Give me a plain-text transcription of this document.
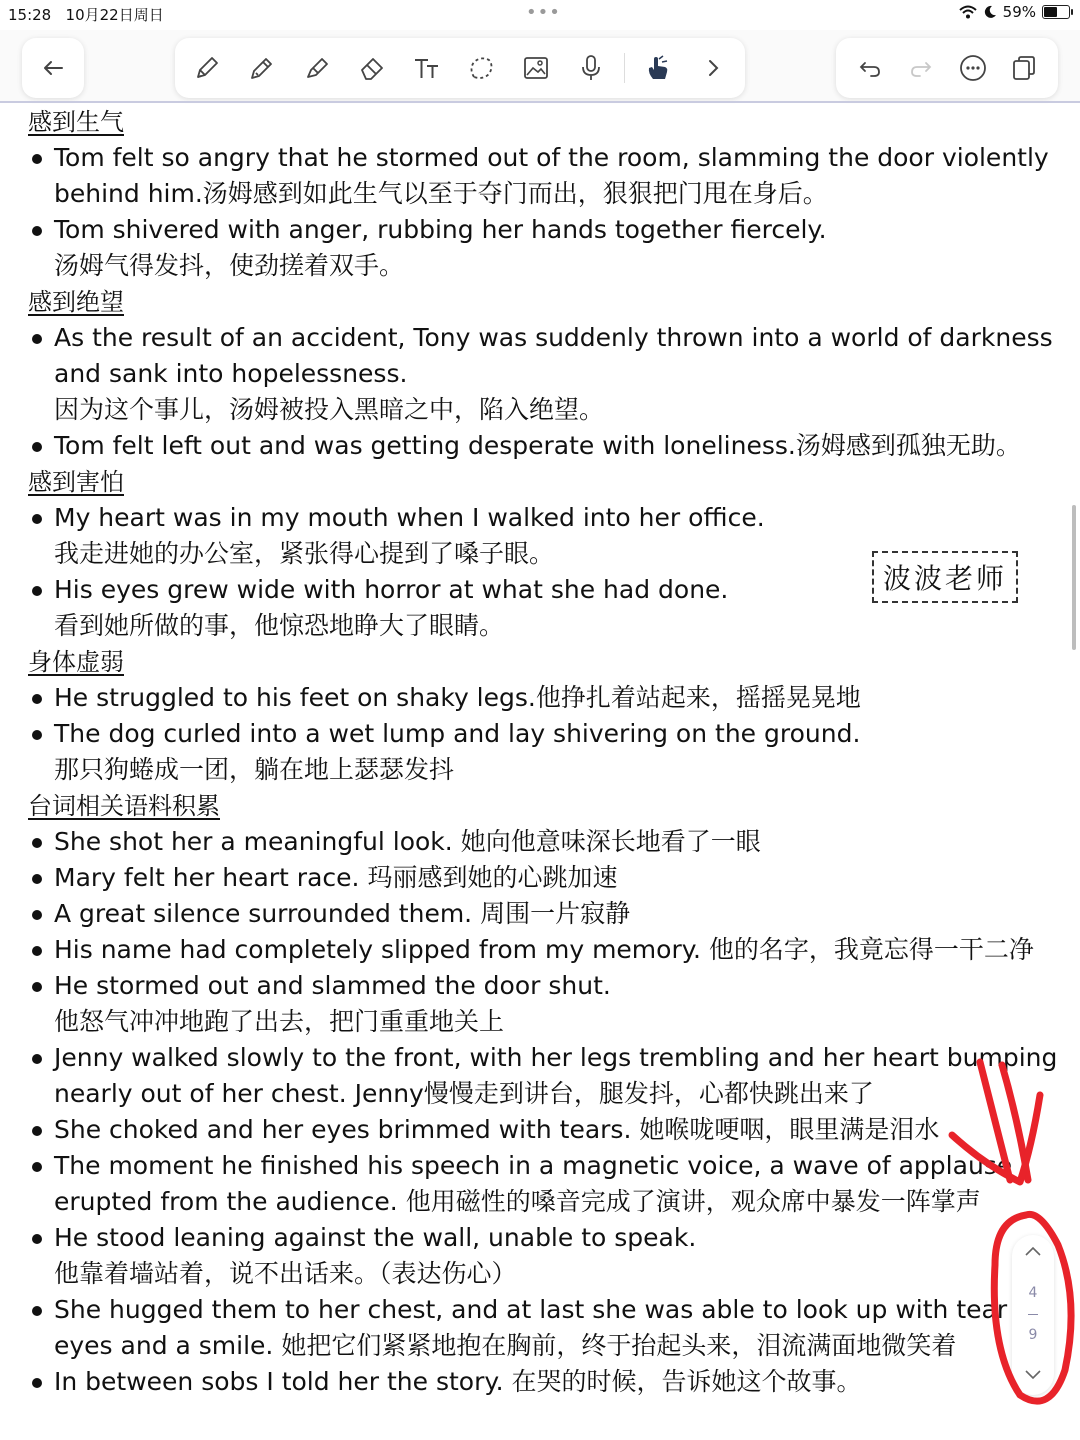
15:28 10月22日周日	•••	59%
感到生气
Tom felt so angry that he stormed out of the room, slamming the door violently behind him.汤姆感到如此生气以至于夺门而出，狠狠把门甩在身后。
Tom shivered with anger, rubbing her hands together fiercely.
汤姆气得发抖，使劲搓着双手。
感到绝望
As the result of an accident, Tony was suddenly thrown into a world of darkness and sank into hopelessness.
因为这个事儿，汤姆被投入黑暗之中，陷入绝望。
Tom felt left out and was getting desperate with loneliness.汤姆感到孤独无助。
感到害怕
My heart was in my mouth when I walked into her office.
我走进她的办公室，紧张得心提到了嗓子眼。
His eyes grew wide with horror at what she had done.
看到她所做的事，他惊恐地睁大了眼睛。
身体虚弱
He struggled to his feet on shaky legs.他挣扎着站起来，摇摇晃晃地
The dog curled into a wet lump and lay shivering on the ground.
那只狗蜷成一团，躺在地上瑟瑟发抖
台词相关语料积累
She shot her a meaningful look. 她向他意味深长地看了一眼
Mary felt her heart race. 玛丽感到她的心跳加速
A great silence surrounded them. 周围一片寂静
His name had completely slipped from my memory. 他的名字，我竟忘得一干二净
He stormed out and slammed the door shut.
他怒气冲冲地跑了出去，把门重重地关上
Jenny walked slowly to the front, with her legs trembling and her heart bumping nearly out of her chest. Jenny慢慢走到讲台，腿发抖，心都快跳出来了
She choked and her eyes brimmed with tears. 她喉咙哽咽，眼里满是泪水
The moment he finished his speech in a magnetic voice, a wave of applause erupted from the audience. 他用磁性的嗓音完成了演讲，观众席中暴发一阵掌声
He stood leaning against the wall, unable to speak.
他靠着墙站着，说不出话来。（表达伤心）
She hugged them to her chest, and at last she was able to look up with tear eyes and a smile. 她把它们紧紧地抱在胸前，终于抬起头来，泪流满面地微笑着
In between sobs I told her the story. 在哭的时候，告诉她这个故事。
波波老师
4
9
